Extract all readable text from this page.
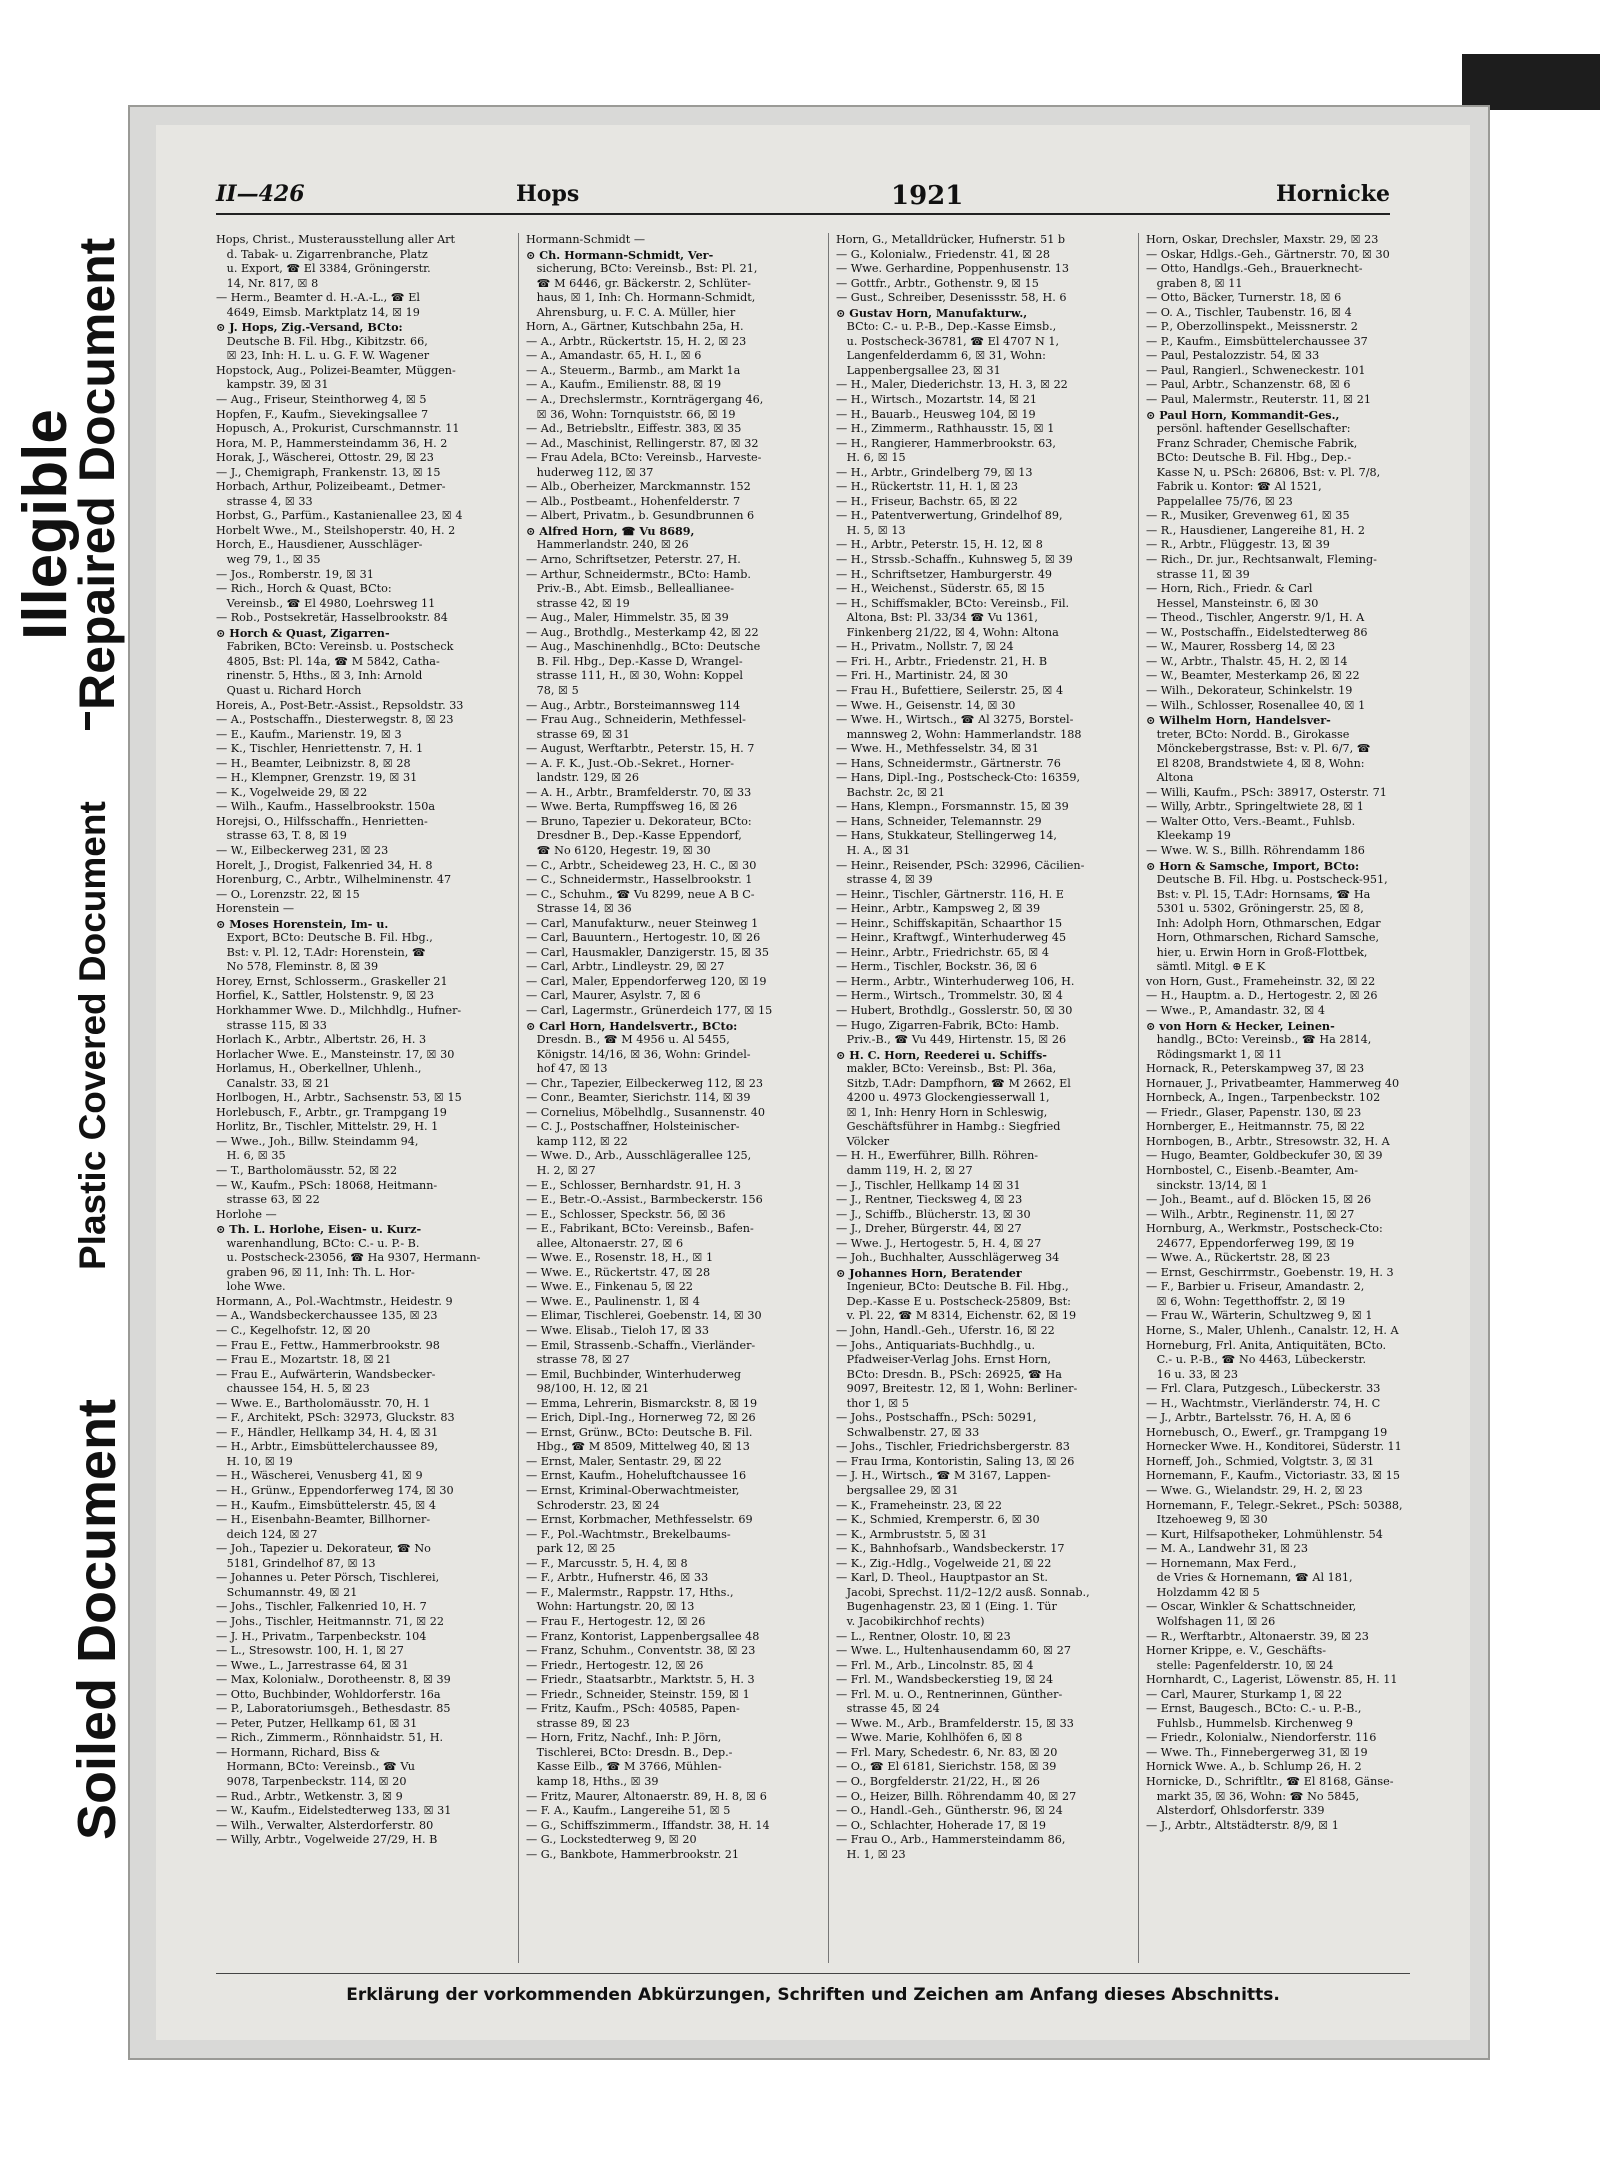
Illegible
Repaired Document
Plastic Covered Document
Soiled Document
II—426	Hops	1921	Hornicke
Hops, Christ., Musterausstellung aller Art
d. Tabak- u. Zigarrenbranche, Platz
u. Export, ☎ El 3384, Gröningerstr.
14, Nr. 817, ☒ 8
— Herm., Beamter d. H.-A.-L., ☎ El
4649, Eimsb. Marktplatz 14, ☒ 19
⊙ J. Hops, Zig.-Versand, BCto:
Deutsche B. Fil. Hbg., Kibitzstr. 66,
☒ 23, Inh: H. L. u. G. F. W. Wagener
Hopstock, Aug., Polizei-Beamter, Müggen-
kampstr. 39, ☒ 31
— Aug., Friseur, Steinthorweg 4, ☒ 5
Hopfen, F., Kaufm., Sievekingsallee 7
Hopusch, A., Prokurist, Curschmannstr. 11
Hora, M. P., Hammersteindamm 36, H. 2
Horak, J., Wäscherei, Ottostr. 29, ☒ 23
— J., Chemigraph, Frankenstr. 13, ☒ 15
Horbach, Arthur, Polizeibeamt., Detmer-
strasse 4, ☒ 33
Horbst, G., Parfüm., Kastanienallee 23, ☒ 4
Horbelt Wwe., M., Steilshoperstr. 40, H. 2
Horch, E., Hausdiener, Ausschläger-
weg 79, 1., ☒ 35
— Jos., Romberstr. 19, ☒ 31
— Rich., Horch & Quast, BCto:
Vereinsb., ☎ El 4980, Loehrsweg 11
— Rob., Postsekretär, Hasselbrookstr. 84
⊙ Horch & Quast, Zigarren-
Fabriken, BCto: Vereinsb. u. Postscheck
4805, Bst: Pl. 14a, ☎ M 5842, Catha-
rinenstr. 5, Hths., ☒ 3, Inh: Arnold
Quast u. Richard Horch
Horeis, A., Post-Betr.-Assist., Repsoldstr. 33
— A., Postschaffn., Diesterwegstr. 8, ☒ 23
— E., Kaufm., Marienstr. 19, ☒ 3
— K., Tischler, Henriettenstr. 7, H. 1
— H., Beamter, Leibnizstr. 8, ☒ 28
— H., Klempner, Grenzstr. 19, ☒ 31
— K., Vogelweide 29, ☒ 22
— Wilh., Kaufm., Hasselbrookstr. 150a
Horejsi, O., Hilfsschaffn., Henrietten-
strasse 63, T. 8, ☒ 19
— W., Eilbeckerweg 231, ☒ 23
Horelt, J., Drogist, Falkenried 34, H. 8
Horenburg, C., Arbtr., Wilhelminenstr. 47
— O., Lorenzstr. 22, ☒ 15
Horenstein —
⊙ Moses Horenstein, Im- u.
Export, BCto: Deutsche B. Fil. Hbg.,
Bst: v. Pl. 12, T.Adr: Horenstein, ☎
No 578, Fleminstr. 8, ☒ 39
Horey, Ernst, Schlosserm., Graskeller 21
Horfiel, K., Sattler, Holstenstr. 9, ☒ 23
Horkhammer Wwe. D., Milchhdlg., Hufner-
strasse 115, ☒ 33
Horlach K., Arbtr., Albertstr. 26, H. 3
Horlacher Wwe. E., Mansteinstr. 17, ☒ 30
Horlamus, H., Oberkellner, Uhlenh.,
Canalstr. 33, ☒ 21
Horlbogen, H., Arbtr., Sachsenstr. 53, ☒ 15
Horlebusch, F., Arbtr., gr. Trampgang 19
Horlitz, Br., Tischler, Mittelstr. 29, H. 1
— Wwe., Joh., Billw. Steindamm 94,
H. 6, ☒ 35
— T., Bartholomäusstr. 52, ☒ 22
— W., Kaufm., PSch: 18068, Heitmann-
strasse 63, ☒ 22
Horlohe —
⊙ Th. L. Horlohe, Eisen- u. Kurz-
warenhandlung, BCto: C.- u. P.- B.
u. Postscheck-23056, ☎ Ha 9307, Hermann-
graben 96, ☒ 11, Inh: Th. L. Hor-
lohe Wwe.
Hormann, A., Pol.-Wachtmstr., Heidestr. 9
— A., Wandsbeckerchaussee 135, ☒ 23
— C., Kegelhofstr. 12, ☒ 20
— Frau E., Fettw., Hammerbrookstr. 98
— Frau E., Mozartstr. 18, ☒ 21
— Frau E., Aufwärterin, Wandsbecker-
chaussee 154, H. 5, ☒ 23
— Wwe. E., Bartholomäusstr. 70, H. 1
— F., Architekt, PSch: 32973, Gluckstr. 83
— F., Händler, Hellkamp 34, H. 4, ☒ 31
— H., Arbtr., Eimsbüttelerchaussee 89,
H. 10, ☒ 19
— H., Wäscherei, Venusberg 41, ☒ 9
— H., Grünw., Eppendorferweg 174, ☒ 30
— H., Kaufm., Eimsbüttelerstr. 45, ☒ 4
— H., Eisenbahn-Beamter, Billhorner-
deich 124, ☒ 27
— Joh., Tapezier u. Dekorateur, ☎ No
5181, Grindelhof 87, ☒ 13
— Johannes u. Peter Pörsch, Tischlerei,
Schumannstr. 49, ☒ 21
— Johs., Tischler, Falkenried 10, H. 7
— Johs., Tischler, Heitmannstr. 71, ☒ 22
— J. H., Privatm., Tarpenbeckstr. 104
— L., Stresowstr. 100, H. 1, ☒ 27
— Wwe., L., Jarrestrasse 64, ☒ 31
— Max, Kolonialw., Dorotheenstr. 8, ☒ 39
— Otto, Buchbinder, Wohldorferstr. 16a
— P., Laboratoriumsgeh., Bethesdastr. 85
— Peter, Putzer, Hellkamp 61, ☒ 31
— Rich., Zimmerm., Rönnhaidstr. 51, H.
— Hormann, Richard, Biss &
Hormann, BCto: Vereinsb., ☎ Vu
9078, Tarpenbeckstr. 114, ☒ 20
— Rud., Arbtr., Wetkenstr. 3, ☒ 9
— W., Kaufm., Eidelstedterweg 133, ☒ 31
— Wilh., Verwalter, Alsterdorferstr. 80
— Willy, Arbtr., Vogelweide 27/29, H. B
Hormann-Schmidt —
⊙ Ch. Hormann-Schmidt, Ver-
sicherung, BCto: Vereinsb., Bst: Pl. 21,
☎ M 6446, gr. Bäckerstr. 2, Schlüter-
haus, ☒ 1, Inh: Ch. Hormann-Schmidt,
Ahrensburg, u. F. C. A. Müller, hier
Horn, A., Gärtner, Kutschbahn 25a, H.
— A., Arbtr., Rückertstr. 15, H. 2, ☒ 23
— A., Amandastr. 65, H. I., ☒ 6
— A., Steuerm., Barmb., am Markt 1a
— A., Kaufm., Emilienstr. 88, ☒ 19
— A., Drechslermstr., Kornträgergang 46,
☒ 36, Wohn: Tornquiststr. 66, ☒ 19
— Ad., Betriebsltr., Eiffestr. 383, ☒ 35
— Ad., Maschinist, Rellingerstr. 87, ☒ 32
— Frau Adela, BCto: Vereinsb., Harveste-
huderweg 112, ☒ 37
— Alb., Oberheizer, Marckmannstr. 152
— Alb., Postbeamt., Hohenfelderstr. 7
— Albert, Privatm., b. Gesundbrunnen 6
⊙ Alfred Horn, ☎ Vu 8689,
Hammerlandstr. 240, ☒ 26
— Arno, Schriftsetzer, Peterstr. 27, H.
— Arthur, Schneidermstr., BCto: Hamb.
Priv.-B., Abt. Eimsb., Belleallianee-
strasse 42, ☒ 19
— Aug., Maler, Himmelstr. 35, ☒ 39
— Aug., Brothdlg., Mesterkamp 42, ☒ 22
— Aug., Maschinenhdlg., BCto: Deutsche
B. Fil. Hbg., Dep.-Kasse D, Wrangel-
strasse 111, H., ☒ 30, Wohn: Koppel
78, ☒ 5
— Aug., Arbtr., Borsteimannsweg 114
— Frau Aug., Schneiderin, Methfessel-
strasse 69, ☒ 31
— August, Werftarbtr., Peterstr. 15, H. 7
— A. F. K., Just.-Ob.-Sekret., Horner-
landstr. 129, ☒ 26
— A. H., Arbtr., Bramfelderstr. 70, ☒ 33
— Wwe. Berta, Rumpffsweg 16, ☒ 26
— Bruno, Tapezier u. Dekorateur, BCto:
Dresdner B., Dep.-Kasse Eppendorf,
☎ No 6120, Hegestr. 19, ☒ 30
— C., Arbtr., Scheideweg 23, H. C., ☒ 30
— C., Schneidermstr., Hasselbrookstr. 1
— C., Schuhm., ☎ Vu 8299, neue A B C-
Strasse 14, ☒ 36
— Carl, Manufakturw., neuer Steinweg 1
— Carl, Bauuntern., Hertogestr. 10, ☒ 26
— Carl, Hausmakler, Danzigerstr. 15, ☒ 35
— Carl, Arbtr., Lindleystr. 29, ☒ 27
— Carl, Maler, Eppendorferweg 120, ☒ 19
— Carl, Maurer, Asylstr. 7, ☒ 6
— Carl, Lagermstr., Grünerdeich 177, ☒ 15
⊙ Carl Horn, Handelsvertr., BCto:
Dresdn. B., ☎ M 4956 u. Al 5455,
Königstr. 14/16, ☒ 36, Wohn: Grindel-
hof 47, ☒ 13
— Chr., Tapezier, Eilbeckerweg 112, ☒ 23
— Conr., Beamter, Sierichstr. 114, ☒ 39
— Cornelius, Möbelhdlg., Susannenstr. 40
— C. J., Postschaffner, Holsteinischer-
kamp 112, ☒ 22
— Wwe. D., Arb., Ausschlägerallee 125,
H. 2, ☒ 27
— E., Schlosser, Bernhardstr. 91, H. 3
— E., Betr.-O.-Assist., Barmbeckerstr. 156
— E., Schlosser, Speckstr. 56, ☒ 36
— E., Fabrikant, BCto: Vereinsb., Bafen-
allee, Altonaerstr. 27, ☒ 6
— Wwe. E., Rosenstr. 18, H., ☒ 1
— Wwe. E., Rückertstr. 47, ☒ 28
— Wwe. E., Finkenau 5, ☒ 22
— Wwe. E., Paulinenstr. 1, ☒ 4
— Elimar, Tischlerei, Goebenstr. 14, ☒ 30
— Wwe. Elisab., Tieloh 17, ☒ 33
— Emil, Strassenb.-Schaffn., Vierländer-
strasse 78, ☒ 27
— Emil, Buchbinder, Winterhuderweg
98/100, H. 12, ☒ 21
— Emma, Lehrerin, Bismarckstr. 8, ☒ 19
— Erich, Dipl.-Ing., Hornerweg 72, ☒ 26
— Ernst, Grünw., BCto: Deutsche B. Fil.
Hbg., ☎ M 8509, Mittelweg 40, ☒ 13
— Ernst, Maler, Sentastr. 29, ☒ 22
— Ernst, Kaufm., Hoheluftchaussee 16
— Ernst, Kriminal-Oberwachtmeister,
Schroderstr. 23, ☒ 24
— Ernst, Korbmacher, Methfesselstr. 69
— F., Pol.-Wachtmstr., Brekelbaums-
park 12, ☒ 25
— F., Marcusstr. 5, H. 4, ☒ 8
— F., Arbtr., Hufnerstr. 46, ☒ 33
— F., Malermstr., Rappstr. 17, Hths.,
Wohn: Hartungstr. 20, ☒ 13
— Frau F., Hertogestr. 12, ☒ 26
— Franz, Kontorist, Lappenbergsallee 48
— Franz, Schuhm., Conventstr. 38, ☒ 23
— Friedr., Hertogestr. 12, ☒ 26
— Friedr., Staatsarbtr., Marktstr. 5, H. 3
— Friedr., Schneider, Steinstr. 159, ☒ 1
— Fritz, Kaufm., PSch: 40585, Papen-
strasse 89, ☒ 23
— Horn, Fritz, Nachf., Inh: P. Jörn,
Tischlerei, BCto: Dresdn. B., Dep.-
Kasse Eilb., ☎ M 3766, Mühlen-
kamp 18, Hths., ☒ 39
— Fritz, Maurer, Altonaerstr. 89, H. 8, ☒ 6
— F. A., Kaufm., Langereihe 51, ☒ 5
— G., Schiffszimmerm., Iffandstr. 38, H. 14
— G., Lockstedterweg 9, ☒ 20
— G., Bankbote, Hammerbrookstr. 21
Horn, G., Metalldrücker, Hufnerstr. 51 b
— G., Kolonialw., Friedenstr. 41, ☒ 28
— Wwe. Gerhardine, Poppenhusenstr. 13
— Gottfr., Arbtr., Gothenstr. 9, ☒ 15
— Gust., Schreiber, Desenissstr. 58, H. 6
⊙ Gustav Horn, Manufakturw.,
BCto: C.- u. P.-B., Dep.-Kasse Eimsb.,
u. Postscheck-36781, ☎ El 4707 N 1,
Langenfelderdamm 6, ☒ 31, Wohn:
Lappenbergsallee 23, ☒ 31
— H., Maler, Diederichstr. 13, H. 3, ☒ 22
— H., Wirtsch., Mozartstr. 14, ☒ 21
— H., Bauarb., Heusweg 104, ☒ 19
— H., Zimmerm., Rathhausstr. 15, ☒ 1
— H., Rangierer, Hammerbrookstr. 63,
H. 6, ☒ 15
— H., Arbtr., Grindelberg 79, ☒ 13
— H., Rückertstr. 11, H. 1, ☒ 23
— H., Friseur, Bachstr. 65, ☒ 22
— H., Patentverwertung, Grindelhof 89,
H. 5, ☒ 13
— H., Arbtr., Peterstr. 15, H. 12, ☒ 8
— H., Strssb.-Schaffn., Kuhnsweg 5, ☒ 39
— H., Schriftsetzer, Hamburgerstr. 49
— H., Weichenst., Süderstr. 65, ☒ 15
— H., Schiffsmakler, BCto: Vereinsb., Fil.
Altona, Bst: Pl. 33/34 ☎ Vu 1361,
Finkenberg 21/22, ☒ 4, Wohn: Altona
— H., Privatm., Nollstr. 7, ☒ 24
— Fri. H., Arbtr., Friedenstr. 21, H. B
— Fri. H., Martinistr. 24, ☒ 30
— Frau H., Bufettiere, Seilerstr. 25, ☒ 4
— Wwe. H., Geisenstr. 14, ☒ 30
— Wwe. H., Wirtsch., ☎ Al 3275, Borstel-
mannsweg 2, Wohn: Hammerlandstr. 188
— Wwe. H., Methfesselstr. 34, ☒ 31
— Hans, Schneidermstr., Gärtnerstr. 76
— Hans, Dipl.-Ing., Postscheck-Cto: 16359,
Bachstr. 2c, ☒ 21
— Hans, Klempn., Forsmannstr. 15, ☒ 39
— Hans, Schneider, Telemannstr. 29
— Hans, Stukkateur, Stellingerweg 14,
H. A., ☒ 31
— Heinr., Reisender, PSch: 32996, Cäcilien-
strasse 4, ☒ 39
— Heinr., Tischler, Gärtnerstr. 116, H. E
— Heinr., Arbtr., Kampsweg 2, ☒ 39
— Heinr., Schiffskapitän, Schaarthor 15
— Heinr., Kraftwgf., Winterhuderweg 45
— Heinr., Arbtr., Friedrichstr. 65, ☒ 4
— Herm., Tischler, Bockstr. 36, ☒ 6
— Herm., Arbtr., Winterhuderweg 106, H.
— Herm., Wirtsch., Trommelstr. 30, ☒ 4
— Hubert, Brothdlg., Gosslerstr. 50, ☒ 30
— Hugo, Zigarren-Fabrik, BCto: Hamb.
Priv.-B., ☎ Vu 449, Hirtenstr. 15, ☒ 26
⊙ H. C. Horn, Reederei u. Schiffs-
makler, BCto: Vereinsb., Bst: Pl. 36a,
Sitzb, T.Adr: Dampfhorn, ☎ M 2662, El
4200 u. 4973 Glockengiesserwall 1,
☒ 1, Inh: Henry Horn in Schleswig,
Geschäftsführer in Hambg.: Siegfried
Völcker
— H. H., Ewerführer, Billh. Röhren-
damm 119, H. 2, ☒ 27
— J., Tischler, Hellkamp 14 ☒ 31
— J., Rentner, Tiecksweg 4, ☒ 23
— J., Schiffb., Blücherstr. 13, ☒ 30
— J., Dreher, Bürgerstr. 44, ☒ 27
— Wwe. J., Hertogestr. 5, H. 4, ☒ 27
— Joh., Buchhalter, Ausschlägerweg 34
⊙ Johannes Horn, Beratender
Ingenieur, BCto: Deutsche B. Fil. Hbg.,
Dep.-Kasse E u. Postscheck-25809, Bst:
v. Pl. 22, ☎ M 8314, Eichenstr. 62, ☒ 19
— John, Handl.-Geh., Uferstr. 16, ☒ 22
— Johs., Antiquariats-Buchhdlg., u.
Pfadweiser-Verlag Johs. Ernst Horn,
BCto: Dresdn. B., PSch: 26925, ☎ Ha
9097, Breitestr. 12, ☒ 1, Wohn: Berliner-
thor 1, ☒ 5
— Johs., Postschaffn., PSch: 50291,
Schwalbenstr. 27, ☒ 33
— Johs., Tischler, Friedrichsbergerstr. 83
— Frau Irma, Kontoristin, Saling 13, ☒ 26
— J. H., Wirtsch., ☎ M 3167, Lappen-
bergsallee 29, ☒ 31
— K., Frameheinstr. 23, ☒ 22
— K., Schmied, Kremperstr. 6, ☒ 30
— K., Armbruststr. 5, ☒ 31
— K., Bahnhofsarb., Wandsbeckerstr. 17
— K., Zig.-Hdlg., Vogelweide 21, ☒ 22
— Karl, D. Theol., Hauptpastor an St.
Jacobi, Sprechst. 11/2–12/2 ausß. Sonnab.,
Bugenhagenstr. 23, ☒ 1 (Eing. 1. Tür
v. Jacobikirchhof rechts)
— L., Rentner, Olostr. 10, ☒ 23
— Wwe. L., Hultenhausendamm 60, ☒ 27
— Frl. M., Arb., Lincolnstr. 85, ☒ 4
— Frl. M., Wandsbeckerstieg 19, ☒ 24
— Frl. M. u. O., Rentnerinnen, Günther-
strasse 45, ☒ 24
— Wwe. M., Arb., Bramfelderstr. 15, ☒ 33
— Wwe. Marie, Kohlhöfen 6, ☒ 8
— Frl. Mary, Schedestr. 6, Nr. 83, ☒ 20
— O., ☎ El 6181, Sierichstr. 158, ☒ 39
— O., Borgfelderstr. 21/22, H., ☒ 26
— O., Heizer, Billh. Röhrendamm 40, ☒ 27
— O., Handl.-Geh., Güntherstr. 96, ☒ 24
— O., Schlachter, Hoherade 17, ☒ 19
— Frau O., Arb., Hammersteindamm 86,
H. 1, ☒ 23
Horn, Oskar, Drechsler, Maxstr. 29, ☒ 23
— Oskar, Hdlgs.-Geh., Gärtnerstr. 70, ☒ 30
— Otto, Handlgs.-Geh., Brauerknecht-
graben 8, ☒ 11
— Otto, Bäcker, Turnerstr. 18, ☒ 6
— O. A., Tischler, Taubenstr. 16, ☒ 4
— P., Oberzollinspekt., Meissnerstr. 2
— P., Kaufm., Eimsbüttelerchaussee 37
— Paul, Pestalozzistr. 54, ☒ 33
— Paul, Rangierl., Schweneckestr. 101
— Paul, Arbtr., Schanzenstr. 68, ☒ 6
— Paul, Malermstr., Reuterstr. 11, ☒ 21
⊙ Paul Horn, Kommandit-Ges.,
persönl. haftender Gesellschafter:
Franz Schrader, Chemische Fabrik,
BCto: Deutsche B. Fil. Hbg., Dep.-
Kasse N, u. PSch: 26806, Bst: v. Pl. 7/8,
Fabrik u. Kontor: ☎ Al 1521,
Pappelallee 75/76, ☒ 23
— R., Musiker, Grevenweg 61, ☒ 35
— R., Hausdiener, Langereihe 81, H. 2
— R., Arbtr., Flüggestr. 13, ☒ 39
— Rich., Dr. jur., Rechtsanwalt, Fleming-
strasse 11, ☒ 39
— Horn, Rich., Friedr. & Carl
Hessel, Mansteinstr. 6, ☒ 30
— Theod., Tischler, Angerstr. 9/1, H. A
— W., Postschaffn., Eidelstedterweg 86
— W., Maurer, Rossberg 14, ☒ 23
— W., Arbtr., Thalstr. 45, H. 2, ☒ 14
— W., Beamter, Mesterkamp 26, ☒ 22
— Wilh., Dekorateur, Schinkelstr. 19
— Wilh., Schlosser, Rosenallee 40, ☒ 1
⊙ Wilhelm Horn, Handelsver-
treter, BCto: Nordd. B., Girokasse
Mönckebergstrasse, Bst: v. Pl. 6/7, ☎
El 8208, Brandstwiete 4, ☒ 8, Wohn:
Altona
— Willi, Kaufm., PSch: 38917, Osterstr. 71
— Willy, Arbtr., Springeltwiete 28, ☒ 1
— Walter Otto, Vers.-Beamt., Fuhlsb.
Kleekamp 19
— Wwe. W. S., Billh. Röhrendamm 186
⊙ Horn & Samsche, Import, BCto:
Deutsche B. Fil. Hbg. u. Postscheck-951,
Bst: v. Pl. 15, T.Adr: Hornsams, ☎ Ha
5301 u. 5302, Gröningerstr. 25, ☒ 8,
Inh: Adolph Horn, Othmarschen, Edgar
Horn, Othmarschen, Richard Samsche,
hier, u. Erwin Horn in Groß-Flottbek,
sämtl. Mitgl. ⊕ E K
von Horn, Gust., Frameheinstr. 32, ☒ 22
— H., Hauptm. a. D., Hertogestr. 2, ☒ 26
— Wwe., P., Amandastr. 32, ☒ 4
⊙ von Horn & Hecker, Leinen-
handlg., BCto: Vereinsb., ☎ Ha 2814,
Rödingsmarkt 1, ☒ 11
Hornack, R., Petersk​ampweg 37, ☒ 23
Hornauer, J., Privatbeamter, Hammerweg 40
Hornbeck, A., Ingen., Tarpenbeckstr. 102
— Friedr., Glaser, Papenstr. 130, ☒ 23
Hornberger, E., Heitmannstr. 75, ☒ 22
Hornbogen, B., Arbtr., Stresowstr. 32, H. A
— Hugo, Beamter, Goldbeckufer 30, ☒ 39
Hornbostel, C., Eisenb.-Beamter, Am-
sinckstr. 13/14, ☒ 1
— Joh., Beamt., auf d. Blöcken 15, ☒ 26
— Wilh., Arbtr., Reginenstr. 11, ☒ 27
Hornburg, A., Werkmstr., Postscheck-Cto:
24677, Eppendorferweg 199, ☒ 19
— Wwe. A., Rückertstr. 28, ☒ 23
— Ernst, Geschirrmstr., Goebenstr. 19, H. 3
— F., Barbier u. Friseur, Amandastr. 2,
☒ 6, Wohn: Tegetthoffstr. 2, ☒ 19
— Frau W., Wärterin, Schultzweg 9, ☒ 1
Horne, S., Maler, Uhlenh., Canalstr. 12, H. A
Horneburg, Frl. Anita, Antiquitäten, BCto.
C.- u. P.-B., ☎ No 4463, Lübeckerstr.
16 u. 33, ☒ 23
— Frl. Clara, Putzgesch., Lübeckerstr. 33
— H., Wachtmstr., Vierländerstr. 74, H. C
— J., Arbtr., Bartelsstr. 76, H. A, ☒ 6
Hornebusch, O., Ewerf., gr. Trampgang 19
Hornecker Wwe. H., Konditorei, Süderstr. 11
Horneff, Joh., Schmied, Volgtstr. 3, ☒ 31
Hornemann, F., Kaufm., Victoriastr. 33, ☒ 15
— Wwe. G., Wielandstr. 29, H. 2, ☒ 23
Hornemann, F., Telegr.-Sekret., PSch: 50388,
Itzehoeweg 9, ☒ 30
— Kurt, Hilfsapotheker, Lohmühlenstr. 54
— M. A., Landwehr 31, ☒ 23
— Hornemann, Max Ferd.,
de Vries & Hornemann, ☎ Al 181,
Holzdamm 42 ☒ 5
— Oscar, Winkler & Schattschneider,
Wolfshagen 11, ☒ 26
— R., Werftarbtr., Altonaerstr. 39, ☒ 23
Horner Krippe, e. V., Geschäfts-
stelle: Pagenfelderstr. 10, ☒ 24
Hornhardt, C., Lagerist, Löwenstr. 85, H. 11
— Carl, Maurer, Sturkamp 1, ☒ 22
— Ernst, Baugesch., BCto: C.- u. P.-B.,
Fuhlsb., Hummelsb. Kirchenweg 9
— Friedr., Kolonialw., Niendorferstr. 116
— Wwe. Th., Finnebergerweg 31, ☒ 19
Hornick Wwe. A., b. Schlump 26, H. 2
Hornicke, D., Schriftltr., ☎ El 8168, Gänse-
markt 35, ☒ 36, Wohn: ☎ No 5845,
Alsterdorf, Ohlsdorferstr. 339
— J., Arbtr., Altstädterstr. 8/9, ☒ 1
Erklärung der vorkommenden Abkürzungen, Schriften und Zeichen am Anfang dieses Abschnitts.
